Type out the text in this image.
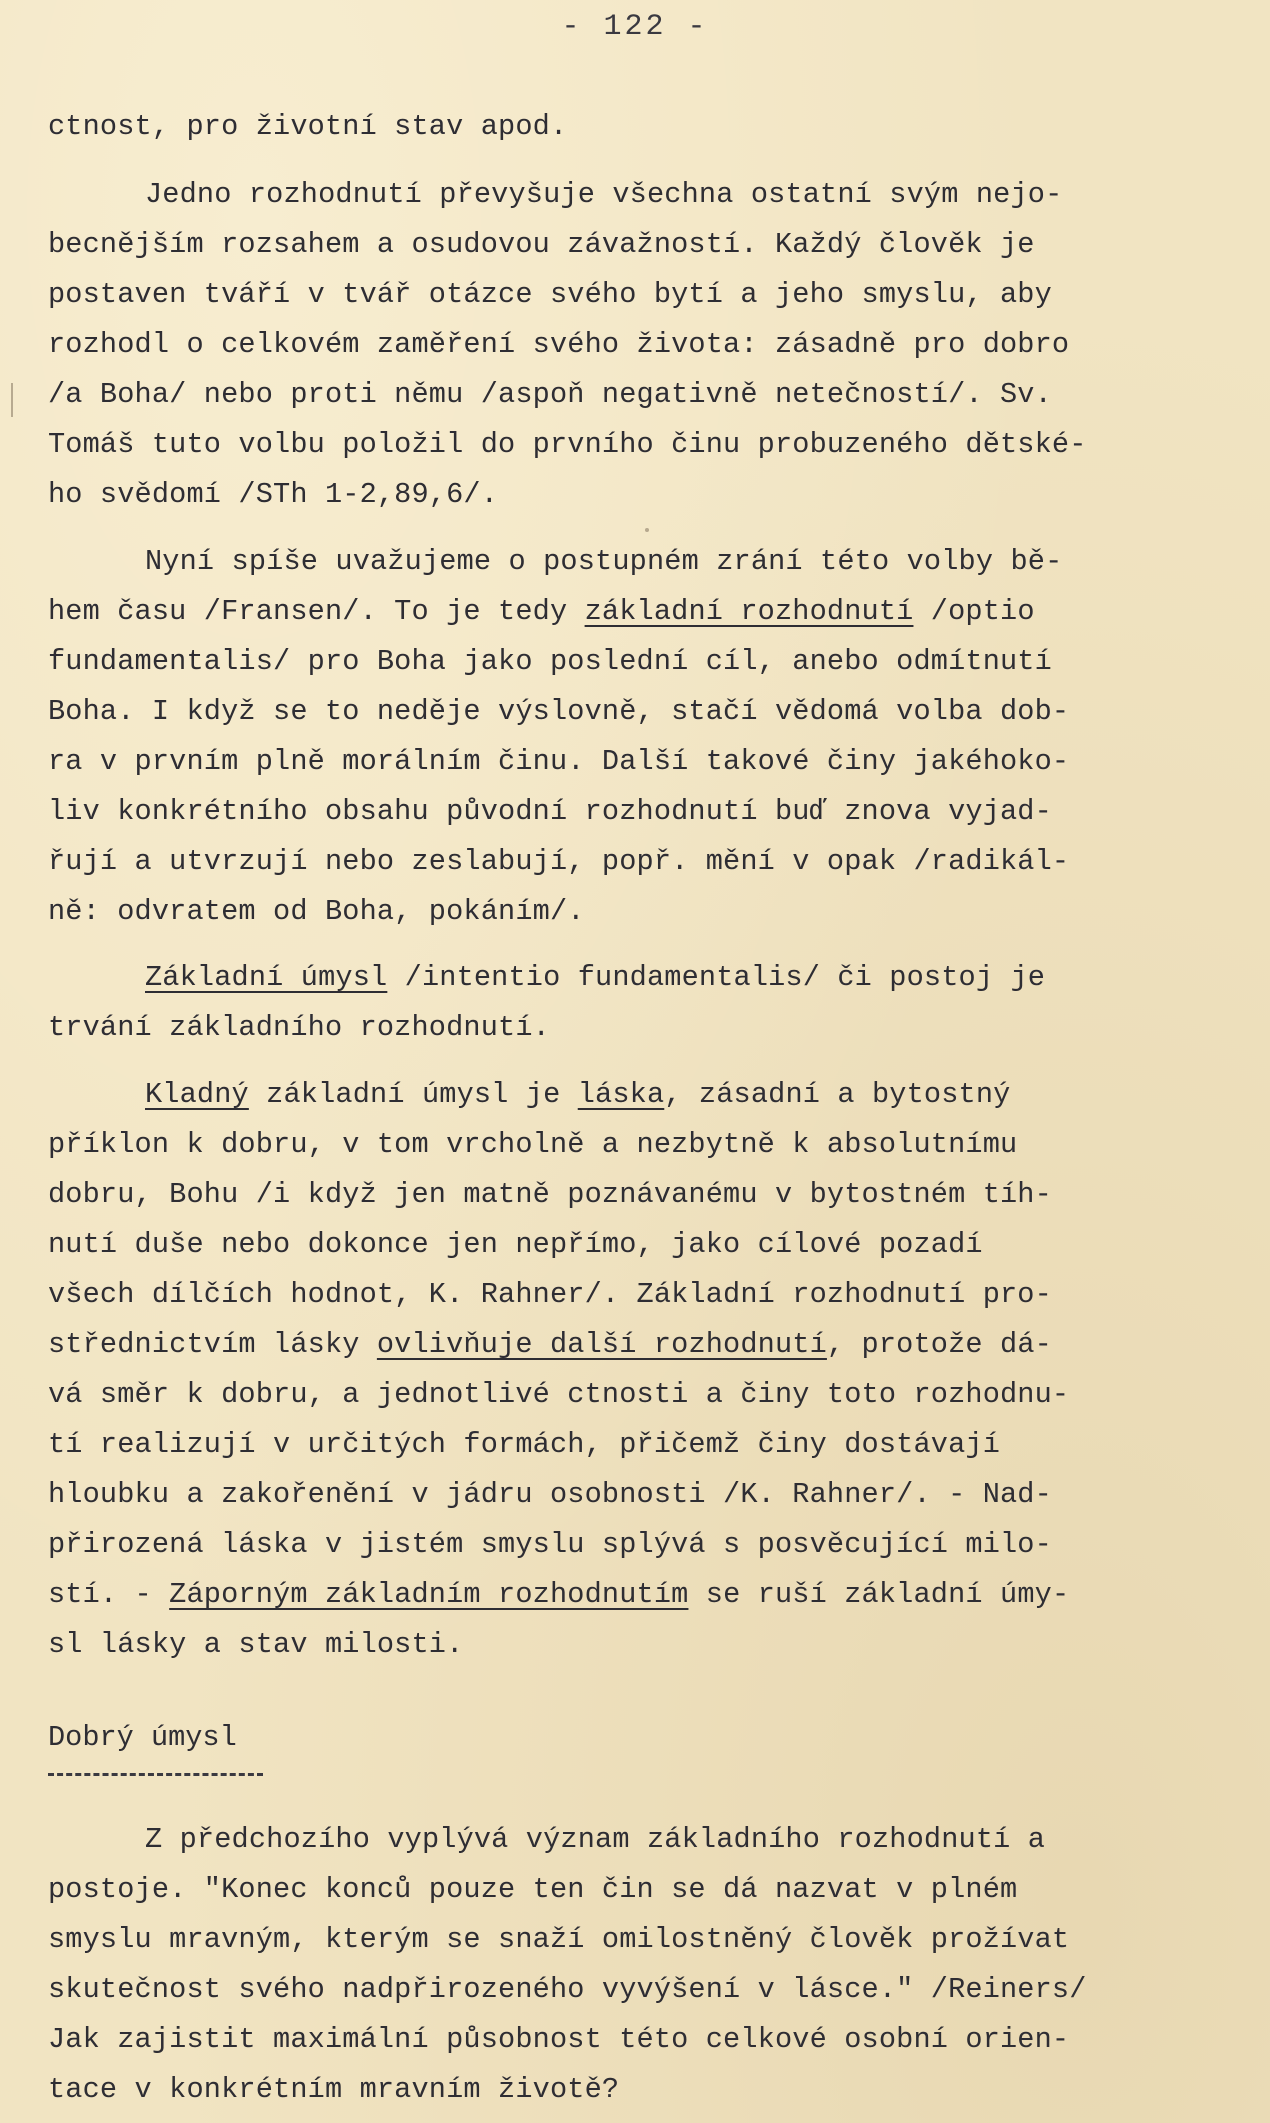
- 122 -
ctnost, pro životní stav apod.
Jedno rozhodnutí převyšuje všechna ostatní svým nejo-
becnějším rozsahem a osudovou závažností. Každý člověk je
postaven tváří v tvář otázce svého bytí a jeho smyslu, aby
rozhodl o celkovém zaměření svého života: zásadně pro dobro
/a Boha/ nebo proti němu /aspoň negativně netečností/. Sv.
Tomáš tuto volbu položil do prvního činu probuzeného dětské-
ho svědomí /STh 1-2,89,6/.
Nyní spíše uvažujeme o postupném zrání této volby bě-
hem času /Fransen/. To je tedy základní rozhodnutí /optio
fundamentalis/ pro Boha jako poslední cíl, anebo odmítnutí
Boha. I když se to neděje výslovně, stačí vědomá volba dob-
ra v prvním plně morálním činu. Další takové činy jakéhoko-
liv konkrétního obsahu původní rozhodnutí buď znova vyjad-
řují a utvrzují nebo zeslabují, popř. mění v opak /radikál-
ně: odvratem od Boha, pokáním/.
Základní úmysl /intentio fundamentalis/ či postoj je
trvání základního rozhodnutí.
Kladný základní úmysl je láska, zásadní a bytostný
příklon k dobru, v tom vrcholně a nezbytně k absolutnímu
dobru, Bohu /i když jen matně poznávanému v bytostném tíh-
nutí duše nebo dokonce jen nepřímo, jako cílové pozadí
všech dílčích hodnot, K. Rahner/. Základní rozhodnutí pro-
střednictvím lásky ovlivňuje další rozhodnutí, protože dá-
vá směr k dobru, a jednotlivé ctnosti a činy toto rozhodnu-
tí realizují v určitých formách, přičemž činy dostávají
hloubku a zakořenění v jádru osobnosti /K. Rahner/. - Nad-
přirozená láska v jistém smyslu splývá s posvěcující milo-
stí. - Záporným základním rozhodnutím se ruší základní úmy-
sl lásky a stav milosti.
Dobrý úmysl
Z předchozího vyplývá význam základního rozhodnutí a
postoje. "Konec konců pouze ten čin se dá nazvat v plném
smyslu mravným, kterým se snaží omilostněný člověk prožívat
skutečnost svého nadpřirozeného vyvýšení v lásce." /Reiners/
Jak zajistit maximální působnost této celkové osobní orien-
tace v konkrétním mravním životě?
